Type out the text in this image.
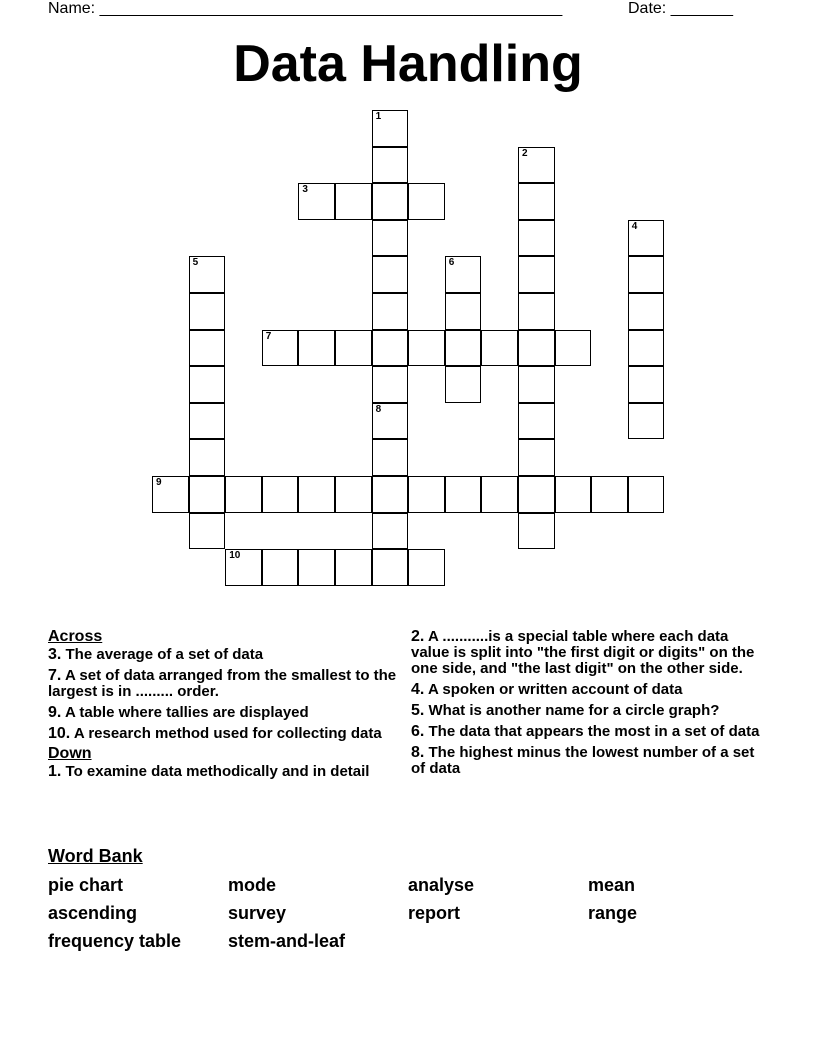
Name: ____________________________________________________	Date: _______
Data Handling
1
8
2
3
4
5	6
7
9
10
Across
3. The average of a set of data
7. A set of data arranged from the smallest to the largest is in ......... order.
9. A table where tallies are displayed
10. A research method used for collecting data
Down
1. To examine data methodically and in detail
2. A ...........is a special table where each data value is split into "the first digit or digits" on the one side, and "the last digit" on the other side.
4. A spoken or written account of data
5. What is another name for a circle graph?
6. The data that appears the most in a set of data
8. The highest minus the lowest number of a set of data
Word Bank
pie chart	mode	analyse	mean
ascending	survey	report	range
frequency table	stem-and-leaf
